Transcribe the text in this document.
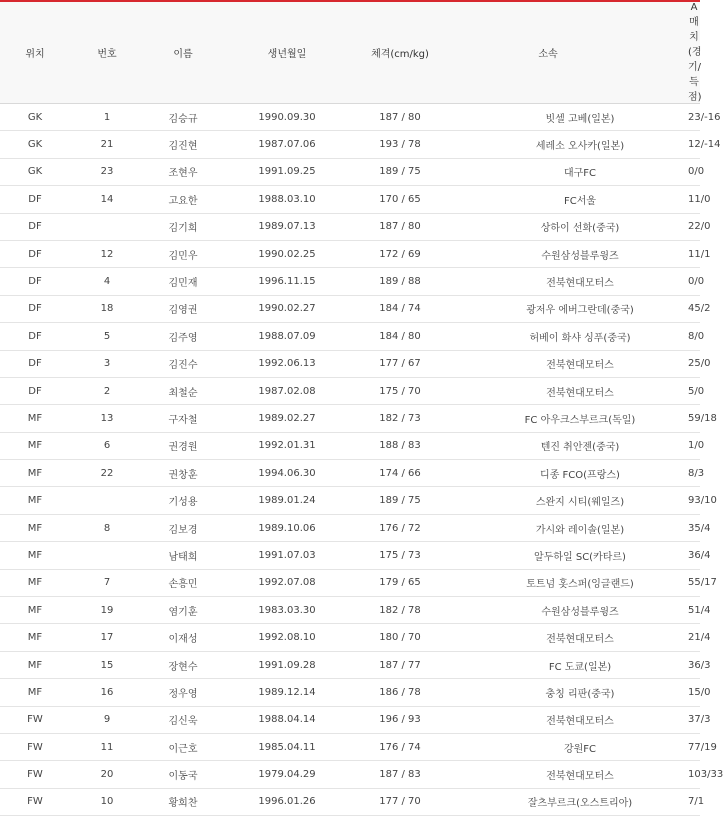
위치	번호	이름	생년월일	체격(cm/kg)	소속	A매치(경기/득점)
GK	1	김승규	1990.09.30	187 / 80	빗셀 고베(일본)	23/-16
GK	21	김진현	1987.07.06	193 / 78	세레소 오사카(일본)	12/-14
GK	23	조현우	1991.09.25	189 / 75	대구FC	0/0
DF	14	고요한	1988.03.10	170 / 65	FC서울	11/0
DF		김기희	1989.07.13	187 / 80	상하이 선화(중국)	22/0
DF	12	김민우	1990.02.25	172 / 69	수원삼성블루윙즈	11/1
DF	4	김민재	1996.11.15	189 / 88	전북현대모터스	0/0
DF	18	김영권	1990.02.27	184 / 74	광저우 에버그란데(중국)	45/2
DF	5	김주영	1988.07.09	184 / 80	허베이 화샤 싱푸(중국)	8/0
DF	3	김진수	1992.06.13	177 / 67	전북현대모터스	25/0
DF	2	최철순	1987.02.08	175 / 70	전북현대모터스	5/0
MF	13	구자철	1989.02.27	182 / 73	FC 아우크스부르크(독일)	59/18
MF	6	권경원	1992.01.31	188 / 83	텐진 취안젠(중국)	1/0
MF	22	권창훈	1994.06.30	174 / 66	디종 FCO(프랑스)	8/3
MF		기성용	1989.01.24	189 / 75	스완지 시티(웨일즈)	93/10
MF	8	김보경	1989.10.06	176 / 72	가시와 레이솔(일본)	35/4
MF		남태희	1991.07.03	175 / 73	알두하일 SC(카타르)	36/4
MF	7	손흥민	1992.07.08	179 / 65	토트넘 홋스퍼(잉글랜드)	55/17
MF	19	염기훈	1983.03.30	182 / 78	수원삼성블루윙즈	51/4
MF	17	이재성	1992.08.10	180 / 70	전북현대모터스	21/4
MF	15	장현수	1991.09.28	187 / 77	FC 도쿄(일본)	36/3
MF	16	정우영	1989.12.14	186 / 78	충칭 리판(중국)	15/0
FW	9	김신욱	1988.04.14	196 / 93	전북현대모터스	37/3
FW	11	이근호	1985.04.11	176 / 74	강원FC	77/19
FW	20	이동국	1979.04.29	187 / 83	전북현대모터스	103/33
FW	10	황희찬	1996.01.26	177 / 70	잘츠부르크(오스트리아)	7/1
